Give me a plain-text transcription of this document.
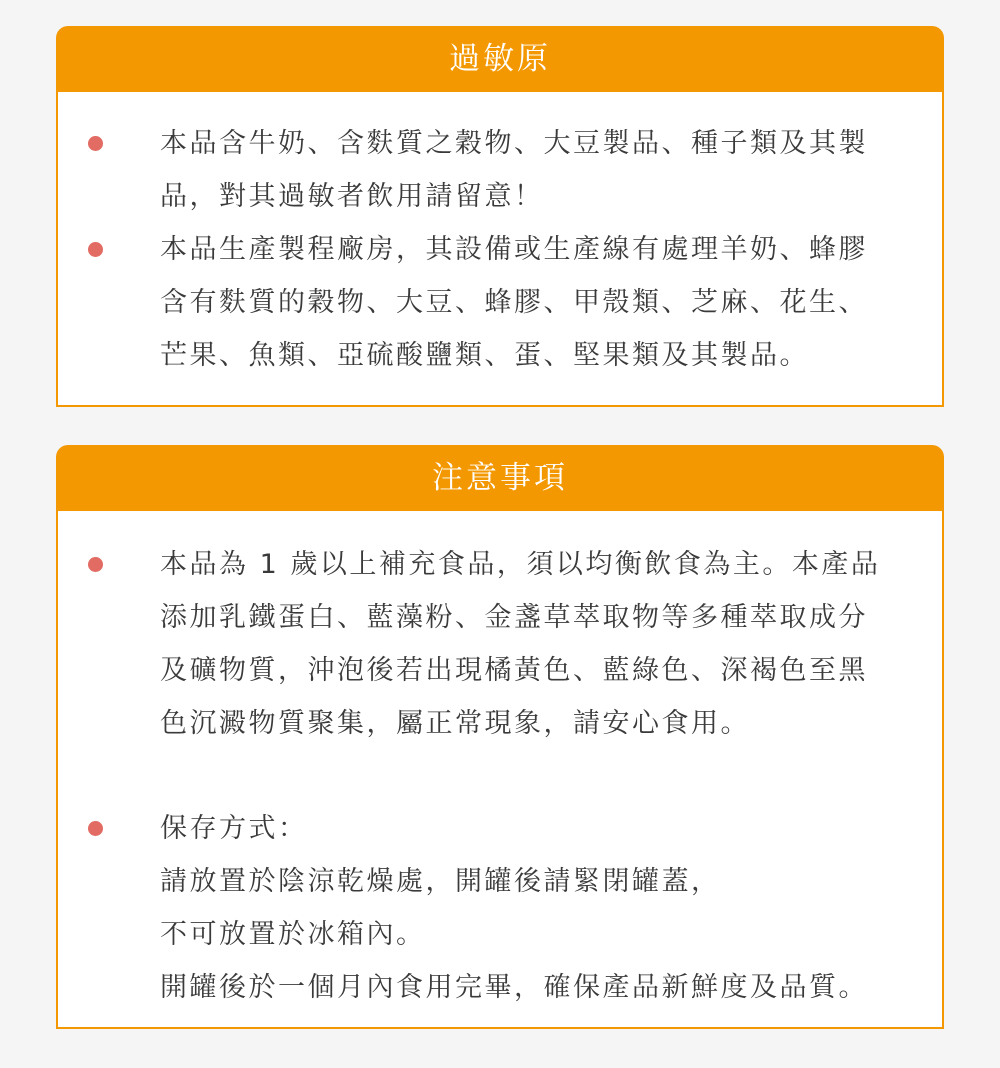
過敏原
本品含牛奶、含麩質之穀物、大豆製品、種子類及其製
品，對其過敏者飲用請留意！
本品生產製程廠房，其設備或生產線有處理羊奶、蜂膠
含有麩質的穀物、大豆、蜂膠、甲殼類、芝麻、花生、
芒果、魚類、亞硫酸鹽類、蛋、堅果類及其製品。
注意事項
本品為 1 歲以上補充食品，須以均衡飲食為主。本產品
添加乳鐵蛋白、藍藻粉、金盞草萃取物等多種萃取成分
及礦物質，沖泡後若出現橘黃色、藍綠色、深褐色至黑
色沉澱物質聚集，屬正常現象，請安心食用。
保存方式：
請放置於陰涼乾燥處，開罐後請緊閉罐蓋，
不可放置於冰箱內。
開罐後於一個月內食用完畢，確保產品新鮮度及品質。
